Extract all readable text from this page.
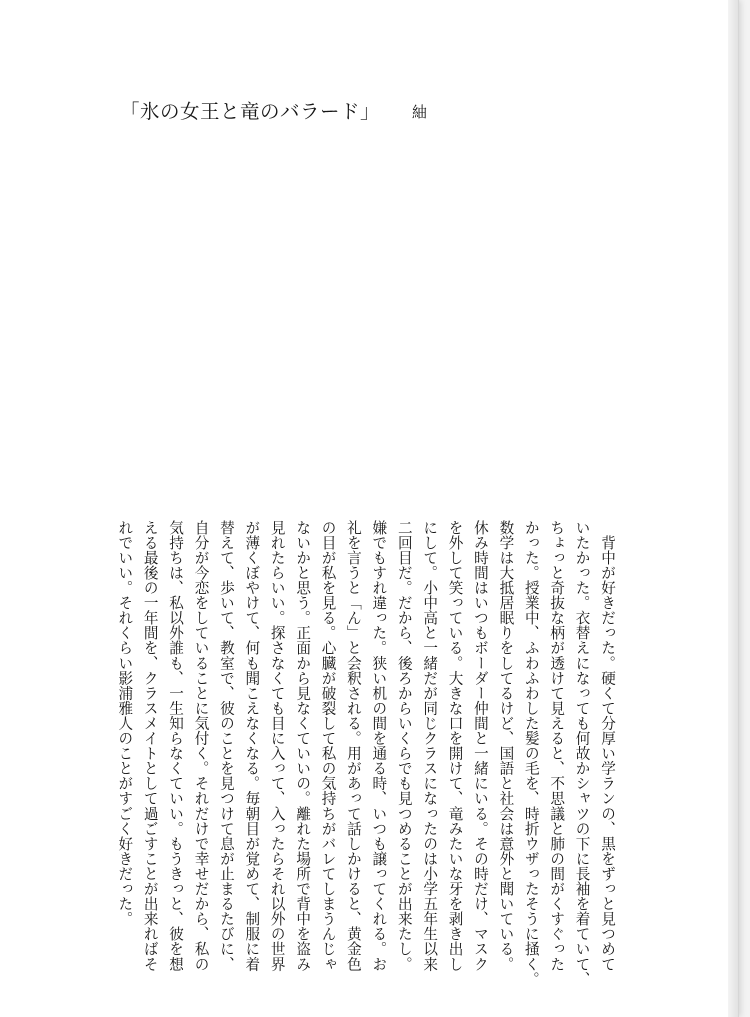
「氷の女王と竜のバラード」 紬
　背中が好きだった。硬くて分厚い学ランの、黒をずっと見つめて
いたかった。衣替えになっても何故かシャツの下に長袖を着ていて、
ちょっと奇抜な柄が透けて見えると、不思議と肺の間がくすぐった
かった。授業中、ふわふわした髪の毛を、時折ウザったそうに掻く。
数学は大抵居眠りをしてるけど、国語と社会は意外と聞いている。
休み時間はいつもボーダー仲間と一緒にいる。その時だけ、マスク
を外して笑っている。大きな口を開けて、竜みたいな牙を剥き出し
にして。小中高と一緒だが同じクラスになったのは小学五年生以来
二回目だ。だから、後ろからいくらでも見つめることが出来たし。
嫌でもすれ違った。狭い机の間を通る時、いつも譲ってくれる。お
礼を言うと「ん」と会釈される。用があって話しかけると、黄金色
の目が私を見る。心臓が破裂して私の気持ちがバレてしまうんじゃ
ないかと思う。正面から見なくていいの。離れた場所で背中を盗み
見れたらいい。探さなくても目に入って、入ったらそれ以外の世界
が薄くぼやけて、何も聞こえなくなる。毎朝目が覚めて、制服に着
替えて、歩いて、教室で、彼のことを見つけて息が止まるたびに、
自分が今恋をしていることに気付く。それだけで幸せだから、私の
気持ちは、私以外誰も、一生知らなくていい。もうきっと、彼を想
える最後の一年間を、クラスメイトとして過ごすことが出来ればそ
れでいい。それくらい影浦雅人のことがすごく好きだった。
